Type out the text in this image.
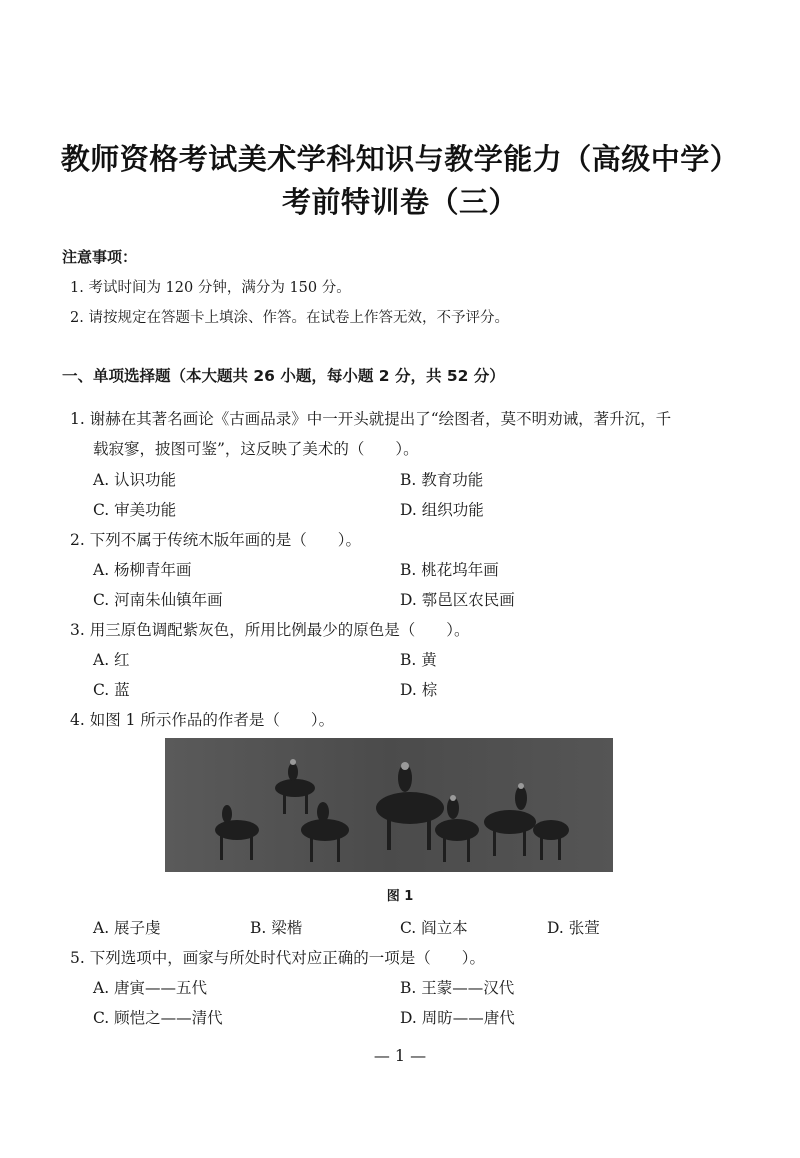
教师资格考试美术学科知识与教学能力（高级中学）
考前特训卷（三）
注意事项：
1. 考试时间为 120 分钟，满分为 150 分。
2. 请按规定在答题卡上填涂、作答。在试卷上作答无效，不予评分。
一、单项选择题（本大题共 26 小题，每小题 2 分，共 52 分）
1. 谢赫在其著名画论《古画品录》中一开头就提出了“绘图者，莫不明劝诫，著升沉，千
载寂寥，披图可鉴”，这反映了美术的（　　）。
A. 认识功能	B. 教育功能
C. 审美功能	D. 组织功能
2. 下列不属于传统木版年画的是（　　）。
A. 杨柳青年画	B. 桃花坞年画
C. 河南朱仙镇年画	D. 鄠邑区农民画
3. 用三原色调配紫灰色，所用比例最少的原色是（　　）。
A. 红	B. 黄
C. 蓝	D. 棕
4. 如图 1 所示作品的作者是（　　）。
图 1
A. 展子虔	B. 梁楷	C. 阎立本	D. 张萱
5. 下列选项中，画家与所处时代对应正确的一项是（　　）。
A. 唐寅——五代	B. 王蒙——汉代
C. 顾恺之——清代	D. 周昉——唐代
— 1 —
